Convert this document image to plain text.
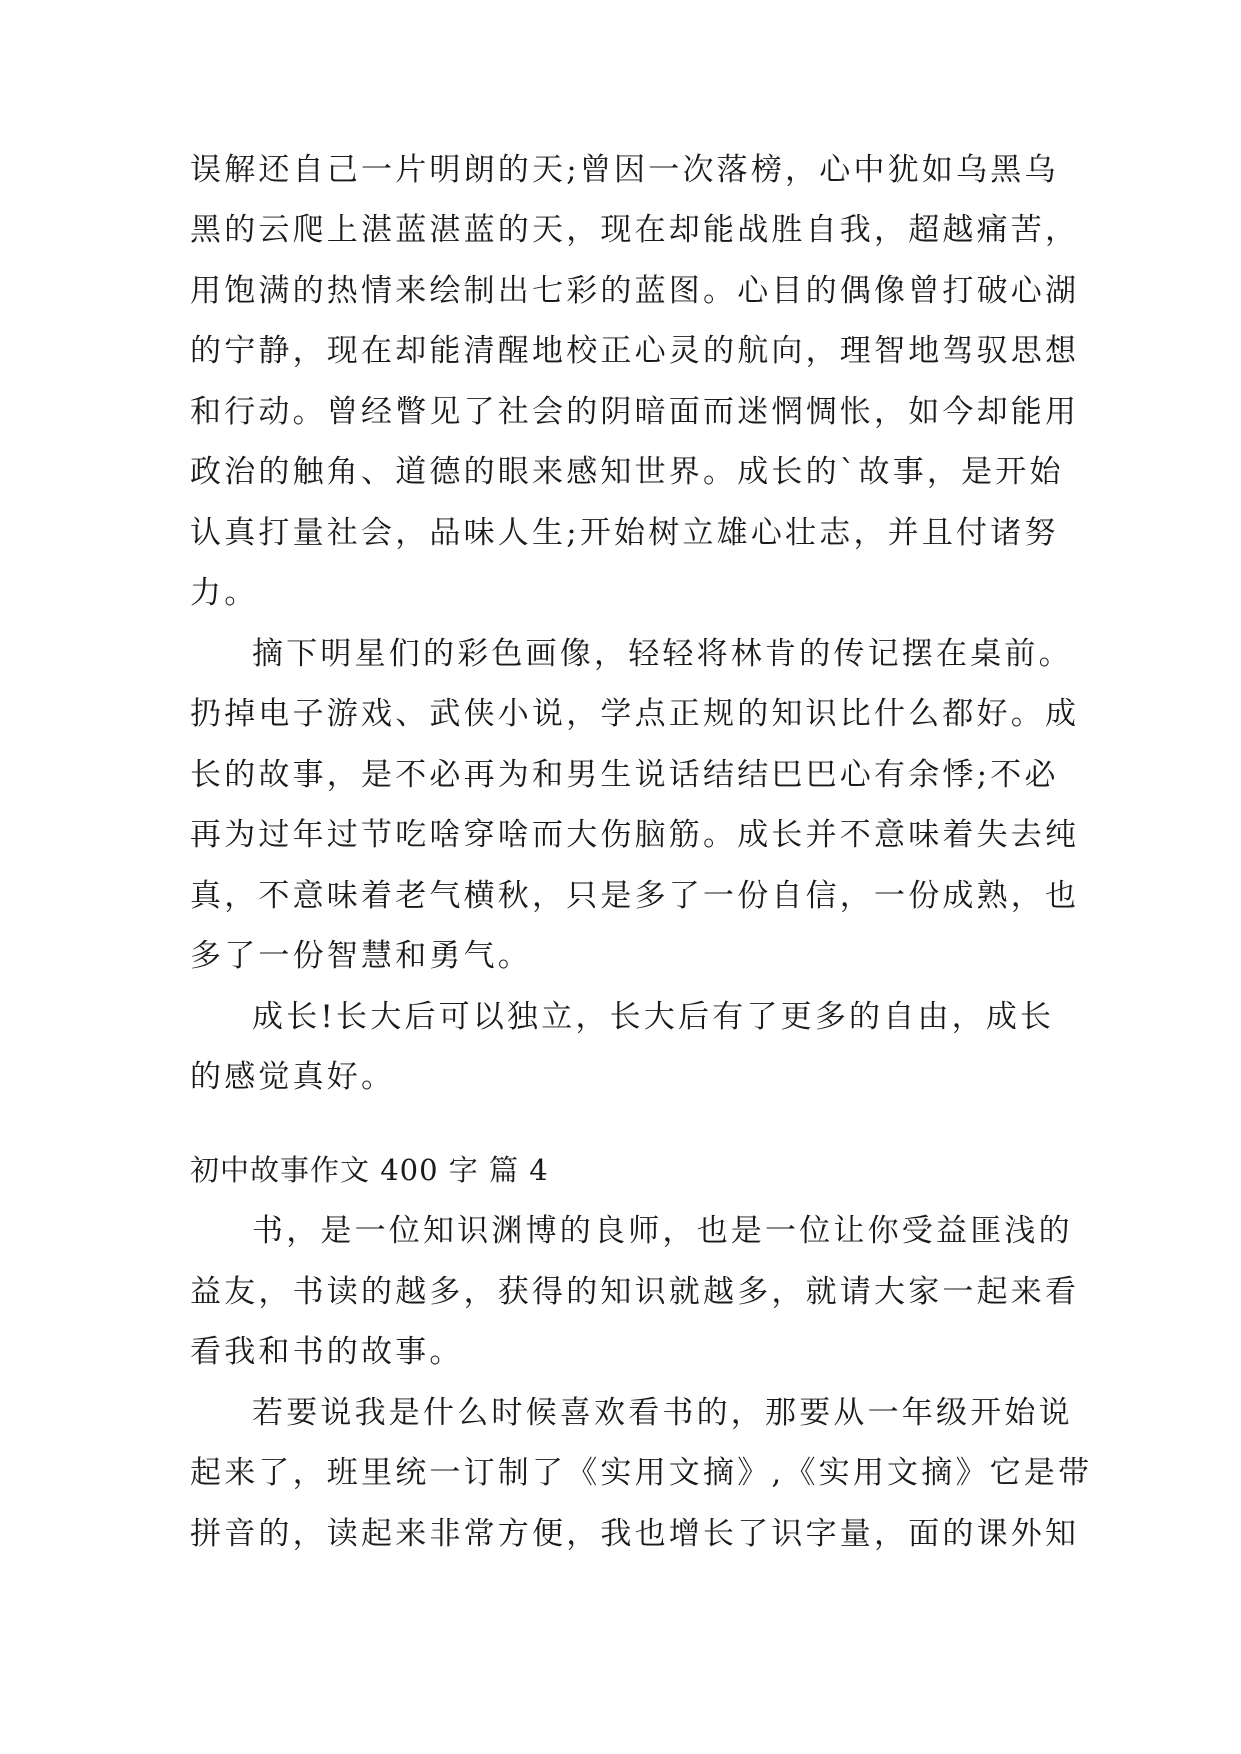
误解还自己一片明朗的天;曾因一次落榜，心中犹如乌黑乌
黑的云爬上湛蓝湛蓝的天，现在却能战胜自我，超越痛苦，
用饱满的热情来绘制出七彩的蓝图。心目的偶像曾打破心湖
的宁静，现在却能清醒地校正心灵的航向，理智地驾驭思想
和行动。曾经瞥见了社会的阴暗面而迷惘惆怅，如今却能用
政治的触角、道德的眼来感知世界。成长的`故事，是开始
认真打量社会，品味人生;开始树立雄心壮志，并且付诸努
力。
摘下明星们的彩色画像，轻轻将林肯的传记摆在桌前。
扔掉电子游戏、武侠小说，学点正规的知识比什么都好。成
长的故事，是不必再为和男生说话结结巴巴心有余悸;不必
再为过年过节吃啥穿啥而大伤脑筋。成长并不意味着失去纯
真，不意味着老气横秋，只是多了一份自信，一份成熟，也
多了一份智慧和勇气。
成长!长大后可以独立，长大后有了更多的自由，成长
的感觉真好。
初中故事作文 400 字 篇 4
书，是一位知识渊博的良师，也是一位让你受益匪浅的
益友，书读的越多，获得的知识就越多，就请大家一起来看
看我和书的故事。
若要说我是什么时候喜欢看书的，那要从一年级开始说
起来了，班里统一订制了《实用文摘》,《实用文摘》它是带
拼音的，读起来非常方便，我也增长了识字量，面的课外知
